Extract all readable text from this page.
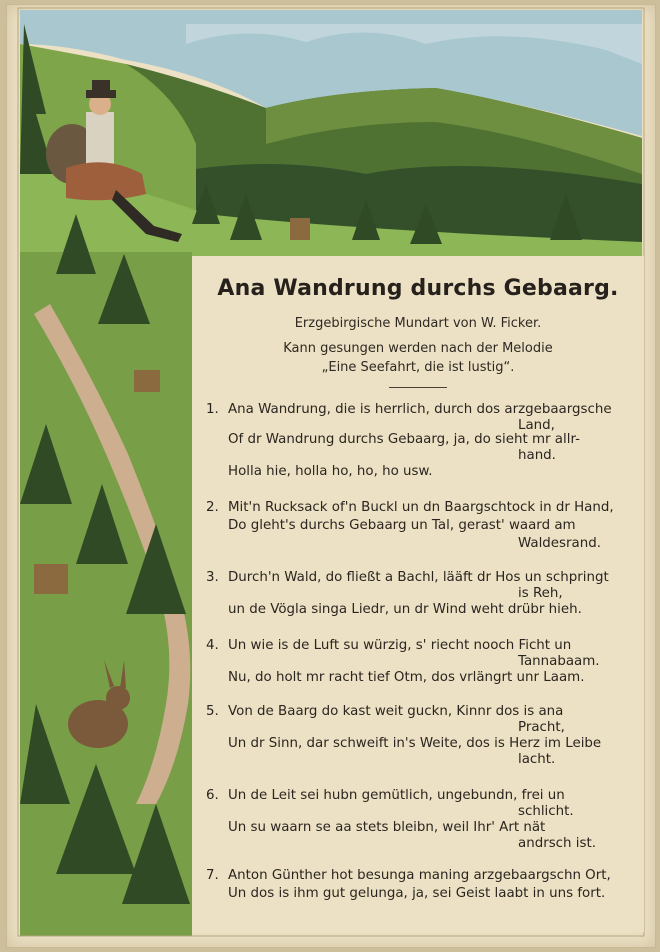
Ana Wandrung durchs Gebaarg.
Erzgebirgische Mundart von W. Ficker.
Kann gesungen werden nach der Melodie
„Eine Seefahrt, die ist lustig“.
1. Ana Wandrung, die is herrlich, durch dos arzgebaargsche
Land,
Of dr Wandrung durchs Gebaarg, ja, do sieht mr allr-
hand.
Holla hie, holla ho, ho, ho usw.
2. Mit'n Rucksack of'n Buckl un dn Baargschtock in dr Hand,
Do gleht's durchs Gebaarg un Tal, gerast' waard am
Waldesrand.
3. Durch'n Wald, do fließt a Bachl, lääft dr Hos un schpringt
is Reh,
un de Vögla singa Liedr, un dr Wind weht drübr hieh.
4. Un wie is de Luft su würzig, s' riecht nooch Ficht un
Tannabaam.
Nu, do holt mr racht tief Otm, dos vrlängrt unr Laam.
5. Von de Baarg do kast weit guckn, Kinnr dos is ana
Pracht,
Un dr Sinn, dar schweift in's Weite, dos is Herz im Leibe
lacht.
6. Un de Leit sei hubn gemütlich, ungebundn, frei un
schlicht.
Un su waarn se aa stets bleibn, weil Ihr' Art nät
andrsch ist.
7. Anton Günther hot besunga maning arzgebaargschn Ort,
Un dos is ihm gut gelunga, ja, sei Geist laabt in uns fort.
